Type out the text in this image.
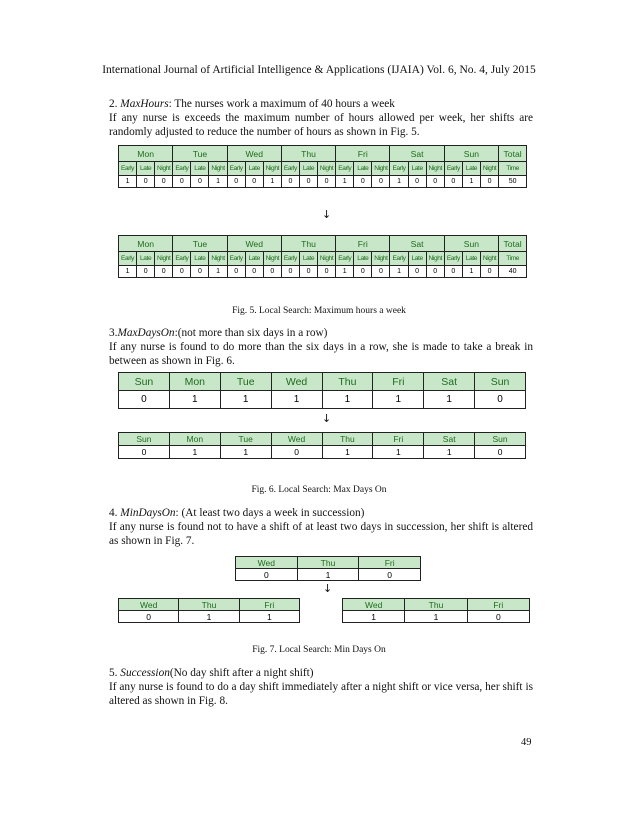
International Journal of Artificial Intelligence & Applications (IJAIA) Vol. 6, No. 4, July 2015
2. MaxHours: The nurses work a maximum of 40 hours a week
If any nurse is exceeds the maximum number of hours allowed per week, her shifts are randomly adjusted to reduce the number of hours as shown in Fig. 5.
Mon			Tue			Wed			Thu			Fri			Sat			Sun			Total
Early	Late	Night	Early	Late	Night	Early	Late	Night	Early	Late	Night	Early	Late	Night	Early	Late	Night	Early	Late	Night	Time
1	0	0	0	0	1	0	0	1	0	0	0	1	0	0	1	0	0	0	1	0	50
↓
Mon			Tue			Wed			Thu			Fri			Sat			Sun			Total
Early	Late	Night	Early	Late	Night	Early	Late	Night	Early	Late	Night	Early	Late	Night	Early	Late	Night	Early	Late	Night	Time
1	0	0	0	0	1	0	0	0	0	0	0	1	0	0	1	0	0	0	1	0	40
Fig. 5. Local Search: Maximum hours a week
3.MaxDaysOn:(not more than six days in a row)
If any nurse is found to do more than the six days in a row, she is made to take a break in between as shown in Fig. 6.
Sun	Mon	Tue	Wed	Thu	Fri	Sat	Sun
0	1	1	1	1	1	1	0
↓
Sun	Mon	Tue	Wed	Thu	Fri	Sat	Sun
0	1	1	0	1	1	1	0
Fig. 6. Local Search: Max Days On
4. MinDaysOn: (At least two days a week in succession)
If any nurse is found not to have a shift of at least two days in succession, her shift is altered as shown in Fig. 7.
Wed	Thu	Fri
0	1	0
↓
Wed	Thu	Fri
0	1	1
Wed	Thu	Fri
1	1	0
Fig. 7. Local Search: Min Days On
5. Succession(No day shift after a night shift)
If any nurse is found to do a day shift immediately after a night shift or vice versa, her shift is altered as shown in Fig. 8.
49
